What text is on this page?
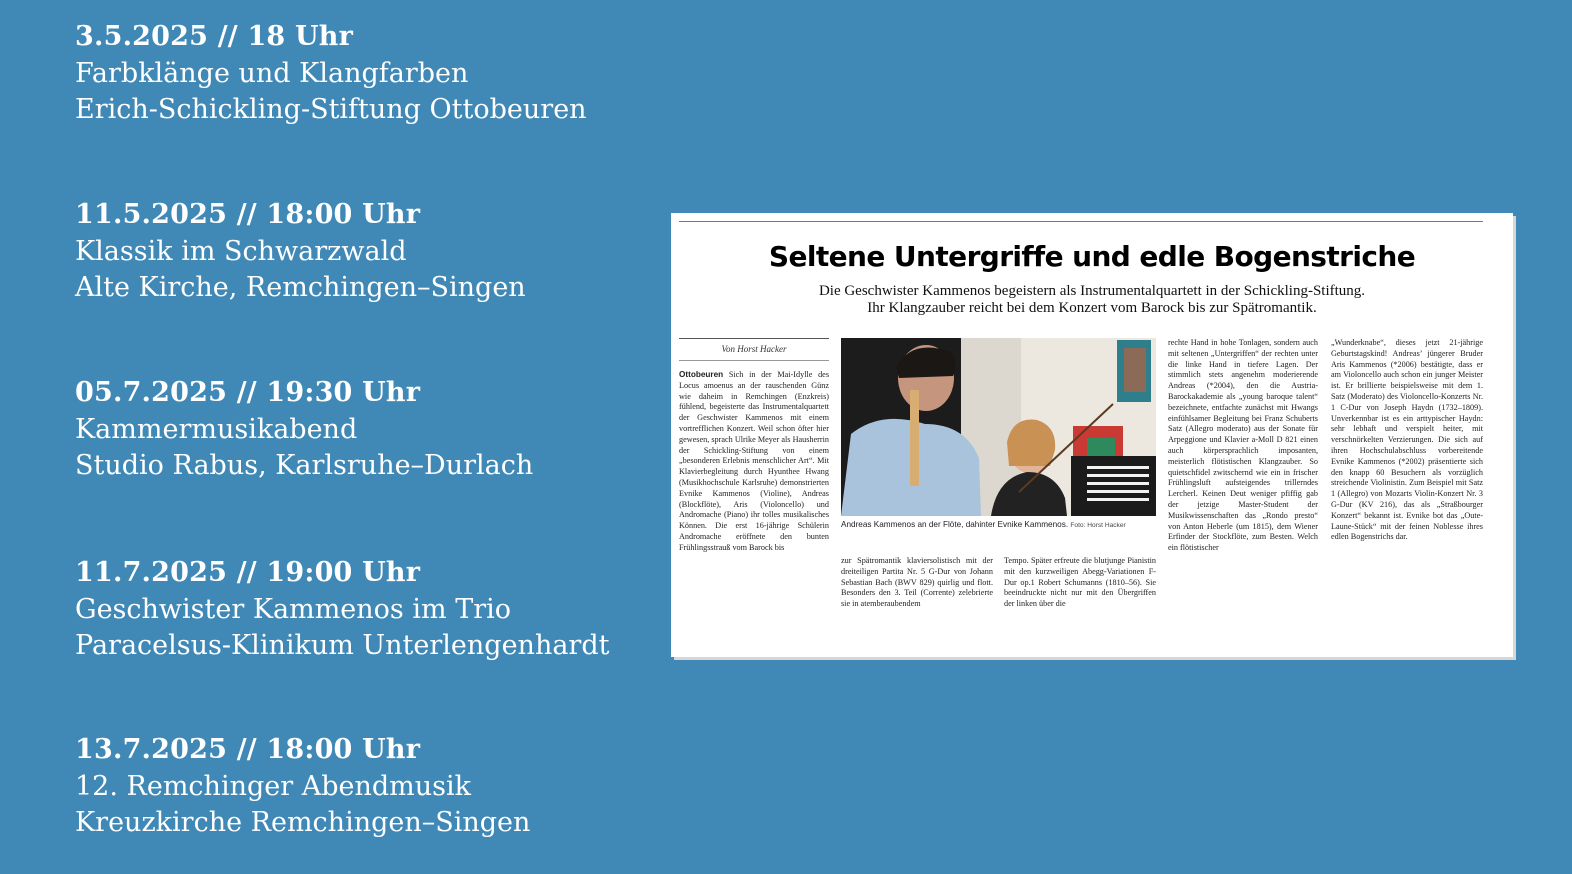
3.5.2025 // 18 Uhr
Farbklänge und Klangfarben
Erich-Schickling-Stiftung Ottobeuren
11.5.2025 // 18:00 Uhr
Klassik im Schwarzwald
Alte Kirche, Remchingen–Singen
05.7.2025 // 19:30 Uhr
Kammermusikabend
Studio Rabus, Karlsruhe–Durlach
11.7.2025 // 19:00 Uhr
Geschwister Kammenos im Trio
Paracelsus-Klinikum Unterlengenhardt
13.7.2025 // 18:00 Uhr
12. Remchinger Abendmusik
Kreuzkirche Remchingen–Singen
Seltene Untergriffe und edle Bogenstriche
Die Geschwister Kammenos begeistern als Instrumentalquartett in der Schickling-Stiftung.
Ihr Klangzauber reicht bei dem Konzert vom Barock bis zur Spätromantik.
Von Horst Hacker
Ottobeuren Sich in der Mai-Idylle des Locus amoenus an der rauschenden Günz wie daheim in Remchingen (Enzkreis) fühlend, begeisterte das Instrumentalquartett der Geschwister Kammenos mit einem vortrefflichen Konzert. Weil schon öfter hier gewesen, sprach Ulrike Meyer als Hausherrin der Schickling-Stiftung von einem „besonderen Erlebnis menschlicher Art“. Mit Klavierbegleitung durch Hyunthee Hwang (Musikhochschule Karlsruhe) demonstrierten Evnike Kammenos (Violine), Andreas (Blockflöte), Aris (Violoncello) und Andromache (Piano) ihr tolles musikalisches Können. Die erst 16-jährige Schülerin Andromache eröffnete den bunten Frühlingsstrauß vom Barock bis
Andreas Kammenos an der Flöte, dahinter Evnike Kammenos. Foto: Horst Hacker
zur Spätromantik klaviersolistisch mit der dreiteiligen Partita Nr. 5 G-Dur von Johann Sebastian Bach (BWV 829) quirlig und flott. Besonders den 3. Teil (Corrente) zelebrierte sie in atemberaubendem
Tempo. Später erfreute die blutjunge Pianistin mit den kurzweiligen Abegg-Variationen F-Dur op.1 Robert Schumanns (1810–56). Sie beeindruckte nicht nur mit den Übergriffen der linken über die
rechte Hand in hohe Tonlagen, sondern auch mit seltenen „Untergriffen“ der rechten unter die linke Hand in tiefere Lagen. Der stimmlich stets angenehm moderierende Andreas (*2004), den die Austria-Barockakademie als „young baroque talent“ bezeichnete, entfachte zunächst mit Hwangs einfühlsamer Begleitung bei Franz Schuberts Satz (Allegro moderato) aus der Sonate für Arpeggione und Klavier a-Moll D 821 einen auch körpersprachlich imposanten, meisterlich flötistischen Klangzauber. So quietschfidel zwitschernd wie ein in frischer Frühlingsluft aufsteigendes trillerndes Lercherl. Keinen Deut weniger pfiffig gab der jetzige Master-Student der Musikwissenschaften das „Rondo presto“ von Anton Heberle (um 1815), dem Wiener Erfinder der Stockflöte, zum Besten. Welch ein flötistischer
„Wunderknabe“, dieses jetzt 21-jährige Geburtstagskind! Andreas’ jüngerer Bruder Aris Kammenos (*2006) bestätigte, dass er am Violoncello auch schon ein junger Meister ist. Er brillierte beispielsweise mit dem 1. Satz (Moderato) des Violoncello-Konzerts Nr. 1 C-Dur von Joseph Haydn (1732–1809). Unverkennbar ist es ein arttypischer Haydn: sehr lebhaft und verspielt heiter, mit verschnörkelten Verzierungen. Die sich auf ihren Hochschulabschluss vorbereitende Evnike Kammenos (*2002) präsentierte sich den knapp 60 Besuchern als vorzüglich streichende Violinistin. Zum Beispiel mit Satz 1 (Allegro) von Mozarts Violin-Konzert Nr. 3 G-Dur (KV 216), das als „Straßbourger Konzert“ bekannt ist. Evnike bot das „Oute-Laune-Stück“ mit der feinen Noblesse ihres edlen Bogenstrichs dar.
